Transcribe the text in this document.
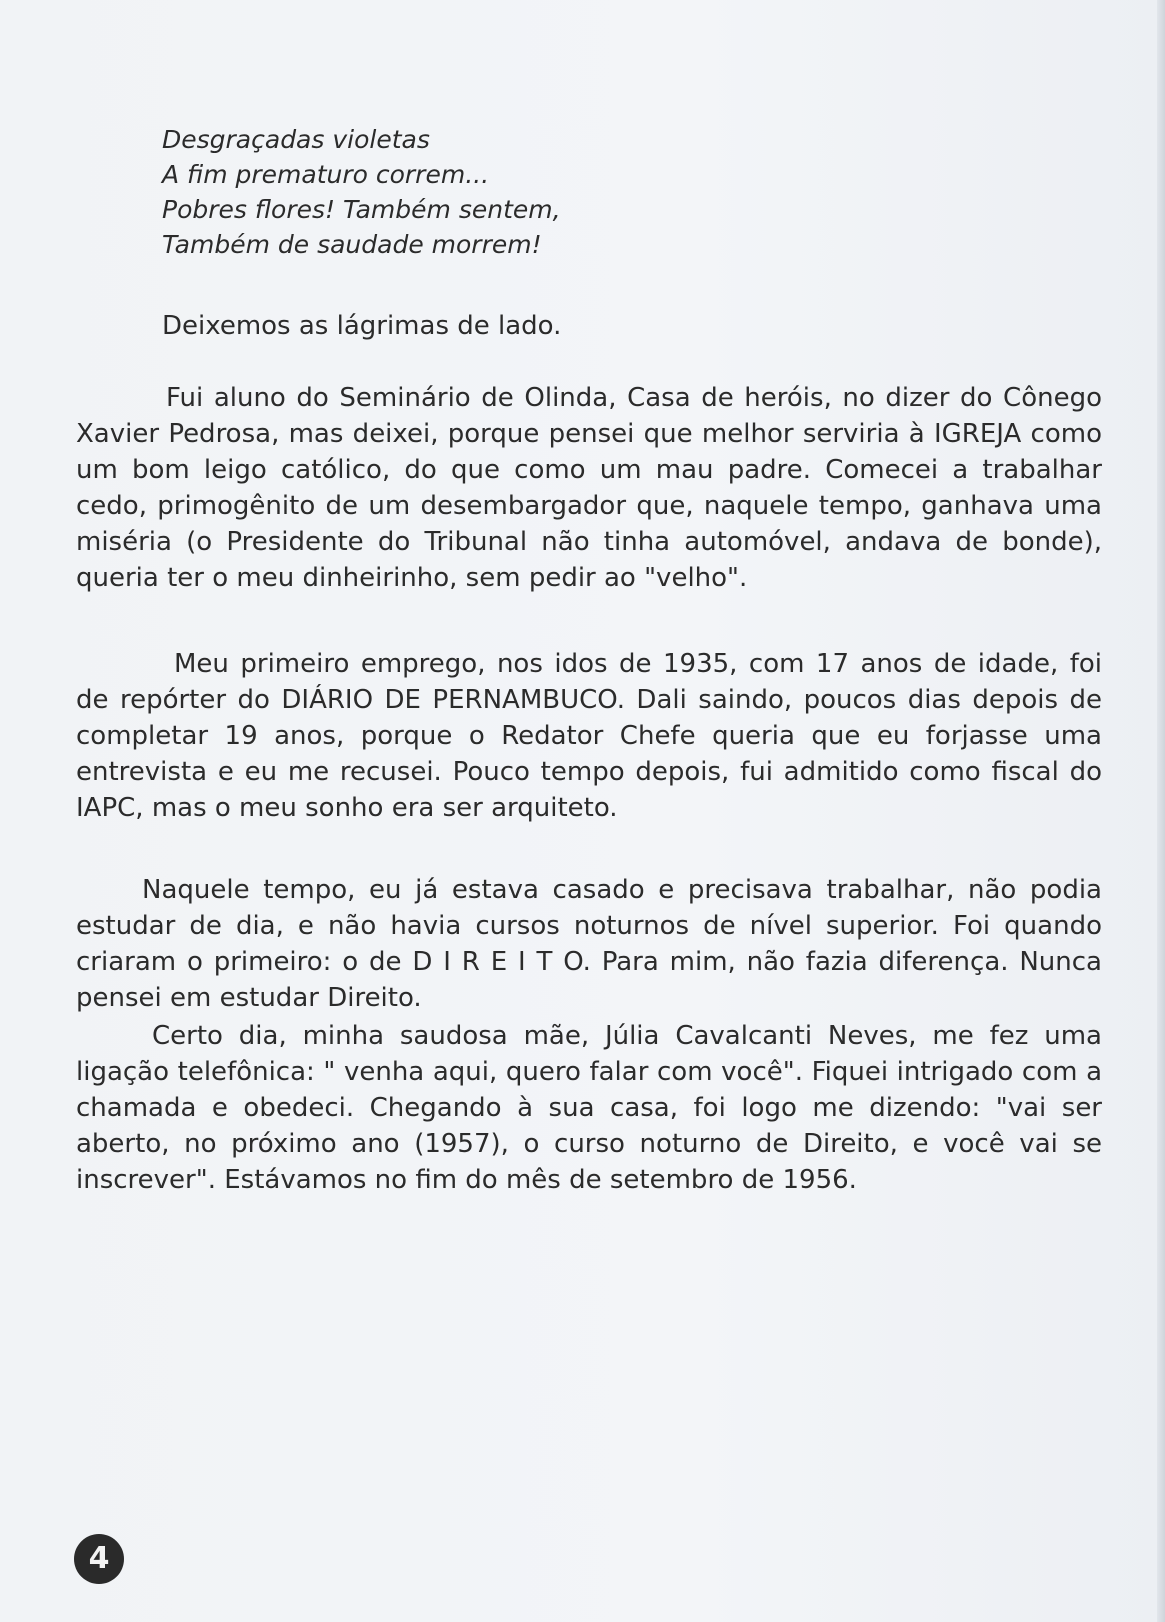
Desgraçadas violetas
A fim prematuro correm...
Pobres flores! Também sentem,
Também de saudade morrem!

Deixemos as lágrimas de lado.

Fui aluno do Seminário de Olinda, Casa de heróis, no dizer do Cônego Xavier Pedrosa, mas deixei, porque pensei que melhor serviria à IGREJA como um bom leigo católico, do que como um mau padre. Comecei a trabalhar cedo, primogênito de um desembargador que, naquele tempo, ganhava uma miséria (o Presidente do Tribunal não tinha automóvel, andava de bonde), queria ter o meu dinheirinho, sem pedir ao "velho".

Meu primeiro emprego, nos idos de 1935, com 17 anos de idade, foi de repórter do DIÁRIO DE PERNAMBUCO. Dali saindo, poucos dias depois de completar 19 anos, porque o Redator Chefe queria que eu forjasse uma entrevista e eu me recusei. Pouco tempo depois, fui admitido como fiscal do IAPC, mas o meu sonho era ser arquiteto.

Naquele tempo, eu já estava casado e precisava trabalhar, não podia estudar de dia, e não havia cursos noturnos de nível superior. Foi quando criaram o primeiro: o de D I R E I T O. Para mim, não fazia diferença. Nunca pensei em estudar Direito.

Certo dia, minha saudosa mãe, Júlia Cavalcanti Neves, me fez uma ligação telefônica: " venha aqui, quero falar com você". Fiquei intrigado com a chamada e obedeci. Chegando à sua casa, foi logo me dizendo: "vai ser aberto, no próximo ano (1957), o curso noturno de Direito, e você vai se inscrever". Estávamos no fim do mês de setembro de 1956.

4
